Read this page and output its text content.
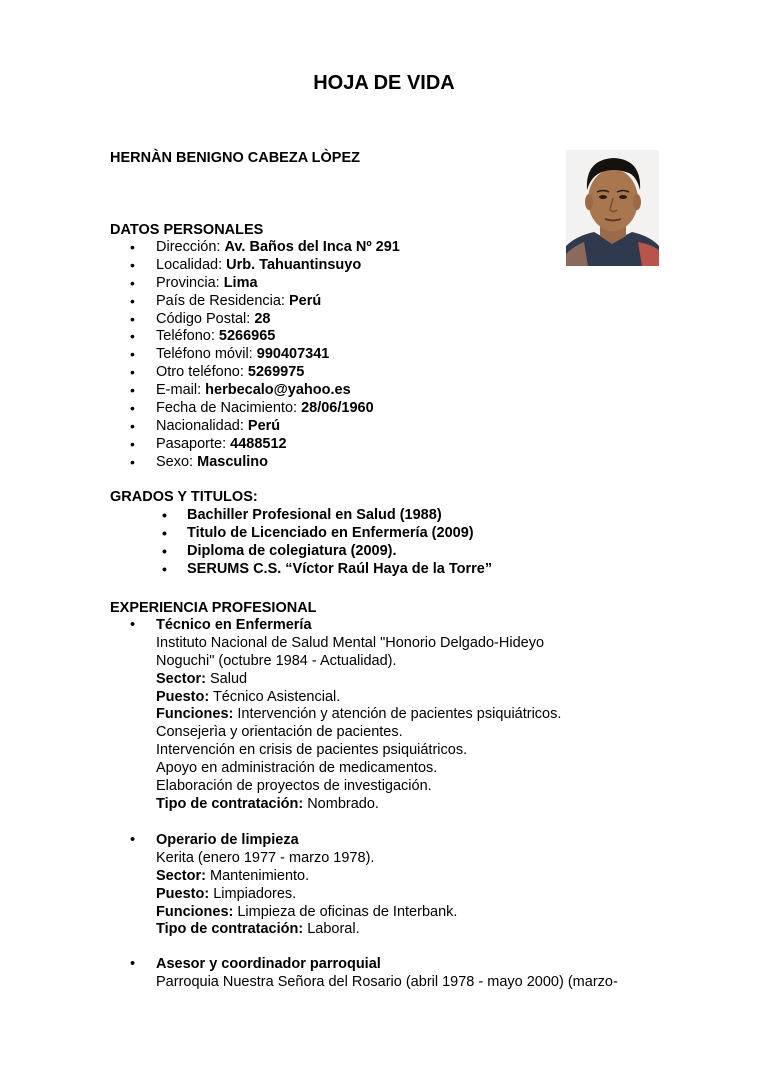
HOJA DE VIDA
HERNÀN BENIGNO CABEZA LÒPEZ
DATOS PERSONALES
• Dirección: Av. Baños del Inca Nº 291
• Localidad: Urb. Tahuantinsuyo
• Provincia: Lima
• País de Residencia: Perú
• Código Postal: 28
• Teléfono: 5266965
• Teléfono móvil: 990407341
• Otro teléfono: 5269975
• E-mail: herbecalo@yahoo.es
• Fecha de Nacimiento: 28/06/1960
• Nacionalidad: Perú
• Pasaporte: 4488512
• Sexo: Masculino
GRADOS Y TITULOS:
• Bachiller Profesional en Salud (1988)
• Titulo de Licenciado en Enfermería (2009)
• Diploma de colegiatura (2009).
• SERUMS C.S. “Víctor Raúl Haya de la Torre”
EXPERIENCIA PROFESIONAL
• Técnico en Enfermería
Instituto Nacional de Salud Mental "Honorio Delgado-Hideyo
Noguchi" (octubre 1984 - Actualidad).
Sector: Salud
Puesto: Técnico Asistencial.
Funciones: Intervención y atención de pacientes psiquiátricos.
Consejerìa y orientación de pacientes.
Intervención en crisis de pacientes psiquiátricos.
Apoyo en administración de medicamentos.
Elaboración de proyectos de investigación.
Tipo de contratación: Nombrado.
• Operario de limpieza
Kerita (enero 1977 - marzo 1978).
Sector: Mantenimiento.
Puesto: Limpiadores.
Funciones: Limpieza de oficinas de Interbank.
Tipo de contratación: Laboral.
• Asesor y coordinador parroquial
Parroquia Nuestra Señora del Rosario (abril 1978 - mayo 2000) (marzo-
